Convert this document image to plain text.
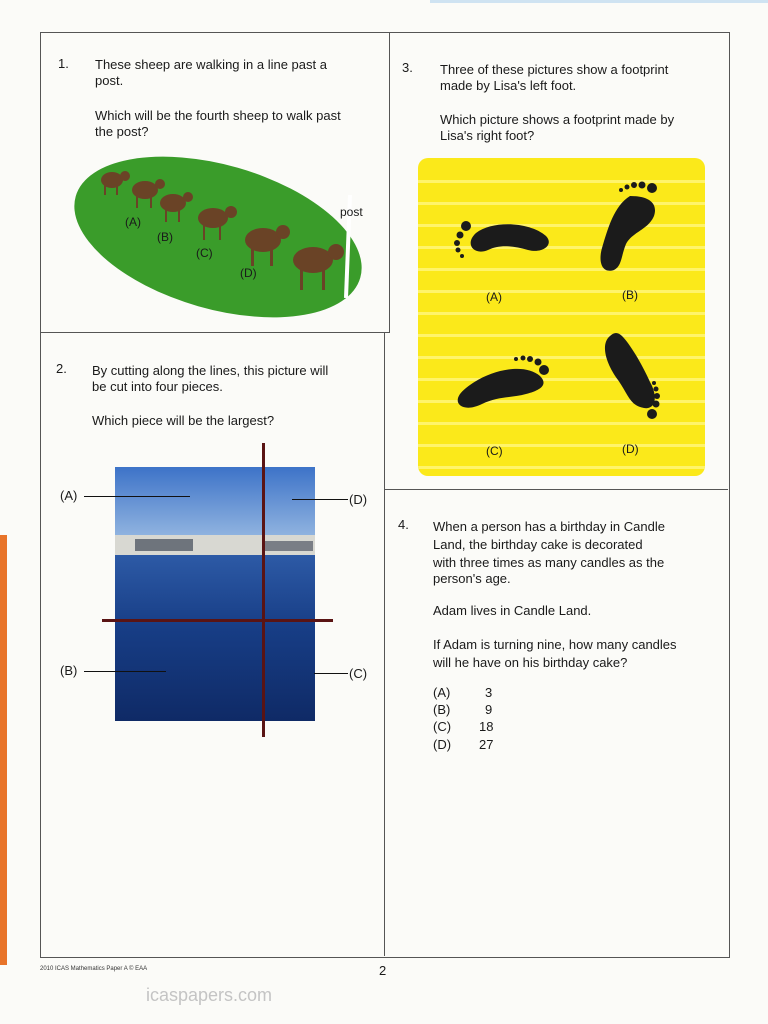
1. These sheep are walking in a line past a
post.
Which will be the fourth sheep to walk past
the post?
(A)
(B)
(C)
(D)
post
2. By cutting along the lines, this picture will
be cut into four pieces.
Which piece will be the largest?
(A)
(B)	(C)
(D)
3. Three of these pictures show a footprint
made by Lisa's left foot.
Which picture shows a footprint made by
Lisa's right foot?
(A)	(B)
(C)	(D)
4. When a person has a birthday in Candle
Land, the birthday cake is decorated
with three times as many candles as the
person's age.
Adam lives in Candle Land.
If Adam is turning nine, how many candles
will he have on his birthday cake?
(A)	3
(B)	9
(C) 18
(D) 27
2010 ICAS Mathematics Paper A © EAA	2
icaspapers.com
